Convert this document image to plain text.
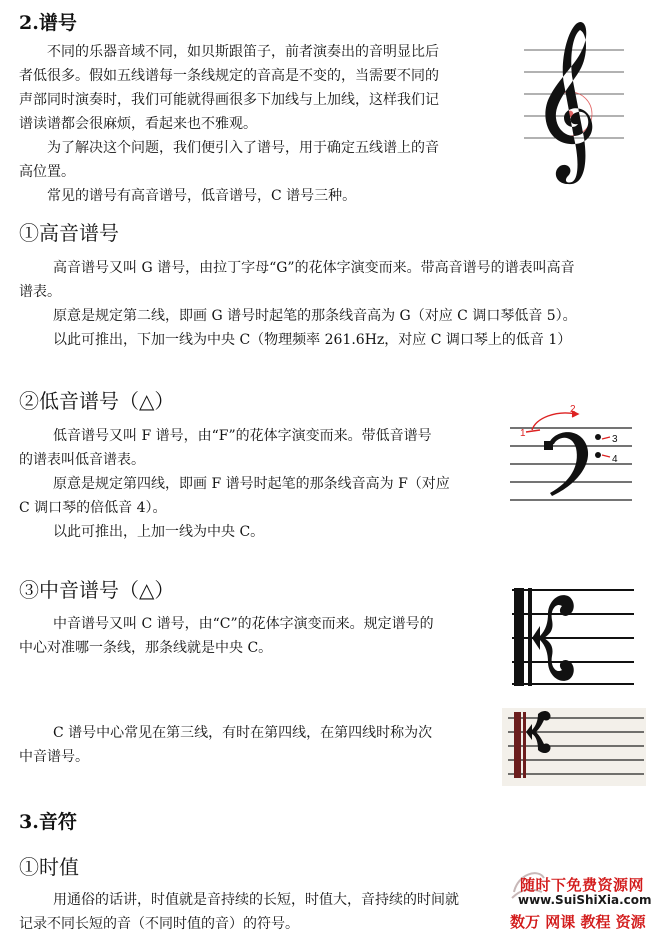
2.谱号
不同的乐器音域不同，如贝斯跟笛子，前者演奏出的音明显比后
者低很多。假如五线谱每一条线规定的音高是不变的，当需要不同的
声部同时演奏时，我们可能就得画很多下加线与上加线，这样我们记
谱读谱都会很麻烦，看起来也不雅观。
为了解决这个问题，我们便引入了谱号，用于确定五线谱上的音
高位置。
常见的谱号有高音谱号，低音谱号，C 谱号三种。
①高音谱号
高音谱号又叫 G 谱号，由拉丁字母“G”的花体字演变而来。带高音谱号的谱表叫高音
谱表。
原意是规定第二线，即画 G 谱号时起笔的那条线音高为 G（对应 C 调口琴低音 5）。
以此可推出，下加一线为中央 C（物理频率 261.6Hz，对应 C 调口琴上的低音 1）
②低音谱号（△）
低音谱号又叫 F 谱号，由“F”的花体字演变而来。带低音谱号
的谱表叫低音谱表。
原意是规定第四线，即画 F 谱号时起笔的那条线音高为 F（对应
C 调口琴的倍低音 4）。
以此可推出，上加一线为中央 C。
1
2
3
4
③中音谱号（△）
中音谱号又叫 C 谱号，由“C”的花体字演变而来。规定谱号的
中心对准哪一条线，那条线就是中央 C。
C 谱号中心常见在第三线，有时在第四线，在第四线时称为次
中音谱号。
3.音符
①时值
用通俗的话讲，时值就是音持续的长短，时值大，音持续的时间就
记录不同长短的音（不同时值的音）的符号。
随时下免费资源网
www.SuiShiXia.com
数万 网课 教程 资源
